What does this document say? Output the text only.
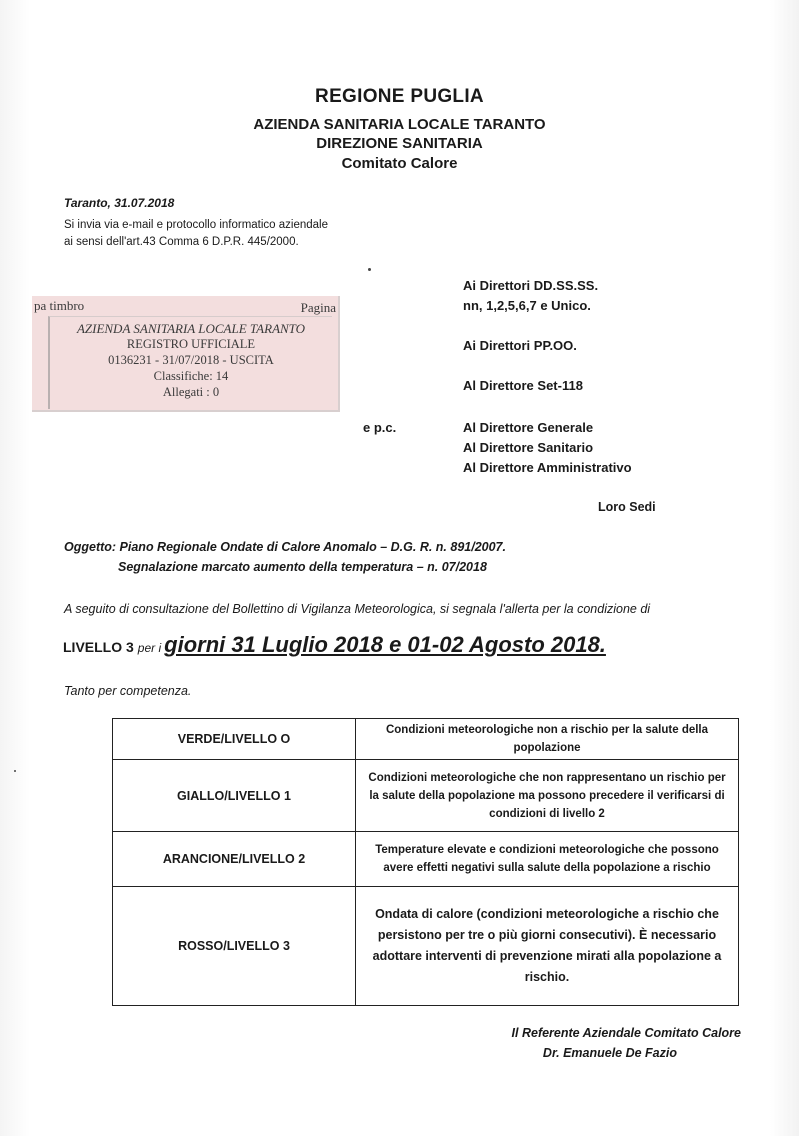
REGIONE PUGLIA
AZIENDA SANITARIA LOCALE TARANTO
DIREZIONE SANITARIA
Comitato Calore
Taranto, 31.07.2018
Si invia via e-mail e protocollo informatico aziendale
ai sensi dell'art.43 Comma 6 D.P.R. 445/2000.
pa timbro	Pagina
AZIENDA SANITARIA LOCALE TARANTO
REGISTRO UFFICIALE
0136231 - 31/07/2018 - USCITA
Classifiche: 14
Allegati : 0
Ai Direttori DD.SS.SS.
nn, 1,2,5,6,7 e Unico.
Ai Direttori PP.OO.
Al Direttore Set-118
e p.c.	Al Direttore Generale
Al Direttore Sanitario
Al Direttore Amministrativo
Loro Sedi
Oggetto: Piano Regionale Ondate di Calore Anomalo – D.G. R. n. 891/2007.
Segnalazione marcato aumento della temperatura – n. 07/2018
A seguito di consultazione del Bollettino di Vigilanza Meteorologica, si segnala l'allerta per la condizione di
LIVELLO 3 per i giorni 31 Luglio 2018 e 01-02 Agosto 2018.
Tanto per competenza.
VERDE/LIVELLO O	Condizioni meteorologiche non a rischio per la salute della popolazione
GIALLO/LIVELLO 1	Condizioni meteorologiche che non rappresentano un rischio per la salute della popolazione ma possono precedere il verificarsi di condizioni di livello 2
ARANCIONE/LIVELLO 2	Temperature elevate e condizioni meteorologiche che possono avere effetti negativi sulla salute della popolazione a rischio
ROSSO/LIVELLO 3	Ondata di calore (condizioni meteorologiche a rischio che persistono per tre o più giorni consecutivi). È necessario adottare interventi di prevenzione mirati alla popolazione a rischio.
Il Referente Aziendale Comitato Calore
Dr. Emanuele De Fazio
